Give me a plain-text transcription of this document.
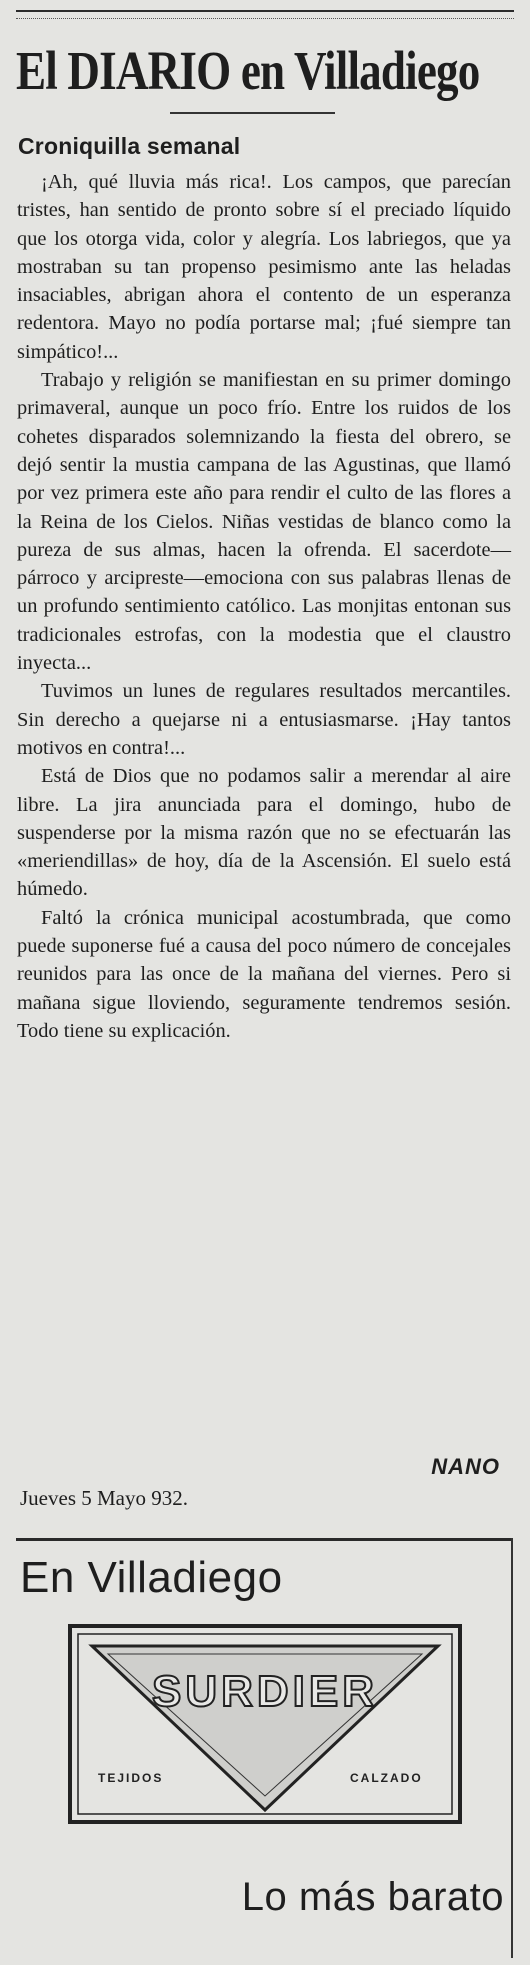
El DIARIO en Villadiego
Croniquilla semanal

¡Ah, qué lluvia más rica!. Los campos, que parecían tristes, han sentido de pronto sobre sí el preciado líquido que los otorga vida, color y alegría. Los labriegos, que ya mostraban su tan propenso pesimismo ante las heladas insaciables, abrigan ahora el contento de un esperanza redentora. Mayo no podía portarse mal; ¡fué siempre tan simpático!...

Trabajo y religión se manifiestan en su primer domingo primaveral, aunque un poco frío. Entre los ruidos de los cohetes disparados solemnizando la fiesta del obrero, se dejó sentir la mustia campana de las Agustinas, que llamó por vez primera este año para rendir el culto de las flores a la Reina de los Cielos. Niñas vestidas de blanco como la pureza de sus almas, hacen la ofrenda. El sacerdote—párroco y arcipreste—emociona con sus palabras llenas de un profundo sentimiento católico. Las monjitas entonan sus tradicionales estrofas, con la modestia que el claustro inyecta...

Tuvimos un lunes de regulares resultados mercantiles. Sin derecho a quejarse ni a entusiasmarse. ¡Hay tantos motivos en contra!...

Está de Dios que no podamos salir a merendar al aire libre. La jira anunciada para el domingo, hubo de suspenderse por la misma razón que no se efectuarán las «meriendillas» de hoy, día de la Ascensión. El suelo está húmedo.

Faltó la crónica municipal acostumbrada, que como puede suponerse fué a causa del poco número de concejales reunidos para las once de la mañana del viernes. Pero si mañana sigue lloviendo, seguramente tendremos sesión. Todo tiene su explicación.

NANO
Jueves 5 Mayo 932.
En Villadiego
SURDIER
TEJIDOS	CALZADO
Lo más barato
